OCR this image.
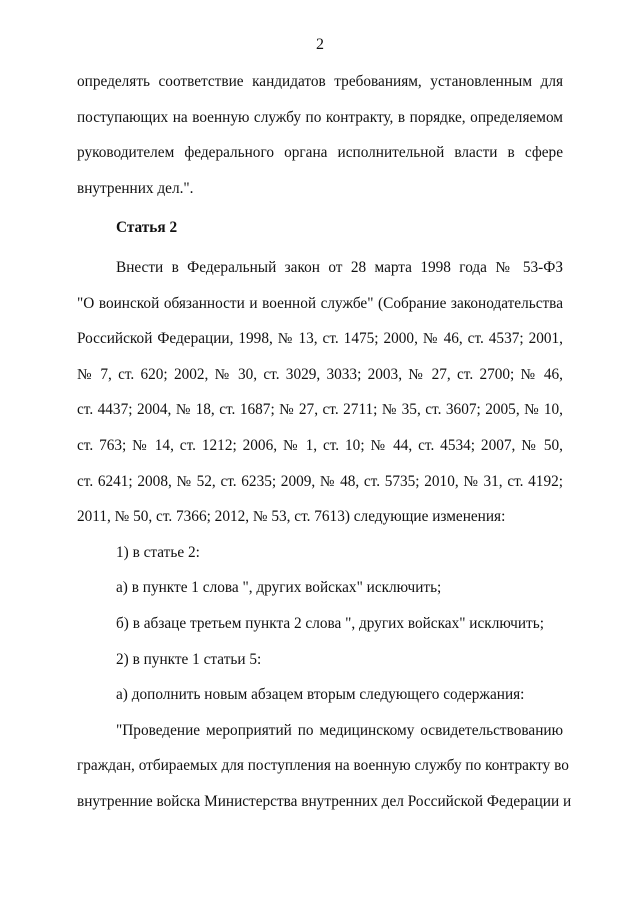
2
определять соответствие кандидатов требованиям, установленным для
поступающих на военную службу по контракту, в порядке, определяемом
руководителем федерального органа исполнительной власти в сфере
внутренних дел.".

Статья 2

Внести в Федеральный закон от 28 марта 1998 года № 53-ФЗ
"О воинской обязанности и военной службе" (Собрание законодательства
Российской Федерации, 1998, № 13, ст. 1475; 2000, № 46, ст. 4537; 2001,
№ 7, ст. 620; 2002, № 30, ст. 3029, 3033; 2003, № 27, ст. 2700; № 46,
ст. 4437; 2004, № 18, ст. 1687; № 27, ст. 2711; № 35, ст. 3607; 2005, № 10,
ст. 763; № 14, ст. 1212; 2006, № 1, ст. 10; № 44, ст. 4534; 2007, № 50,
ст. 6241; 2008, № 52, ст. 6235; 2009, № 48, ст. 5735; 2010, № 31, ст. 4192;
2011, № 50, ст. 7366; 2012, № 53, ст. 7613) следующие изменения:

1) в статье 2:

а) в пункте 1 слова ", других войсках" исключить;

б) в абзаце третьем пункта 2 слова ", других войсках" исключить;

2) в пункте 1 статьи 5:

а) дополнить новым абзацем вторым следующего содержания:

"Проведение мероприятий по медицинскому освидетельствованию
граждан, отбираемых для поступления на военную службу по контракту во
внутренние войска Министерства внутренних дел Российской Федерации и
